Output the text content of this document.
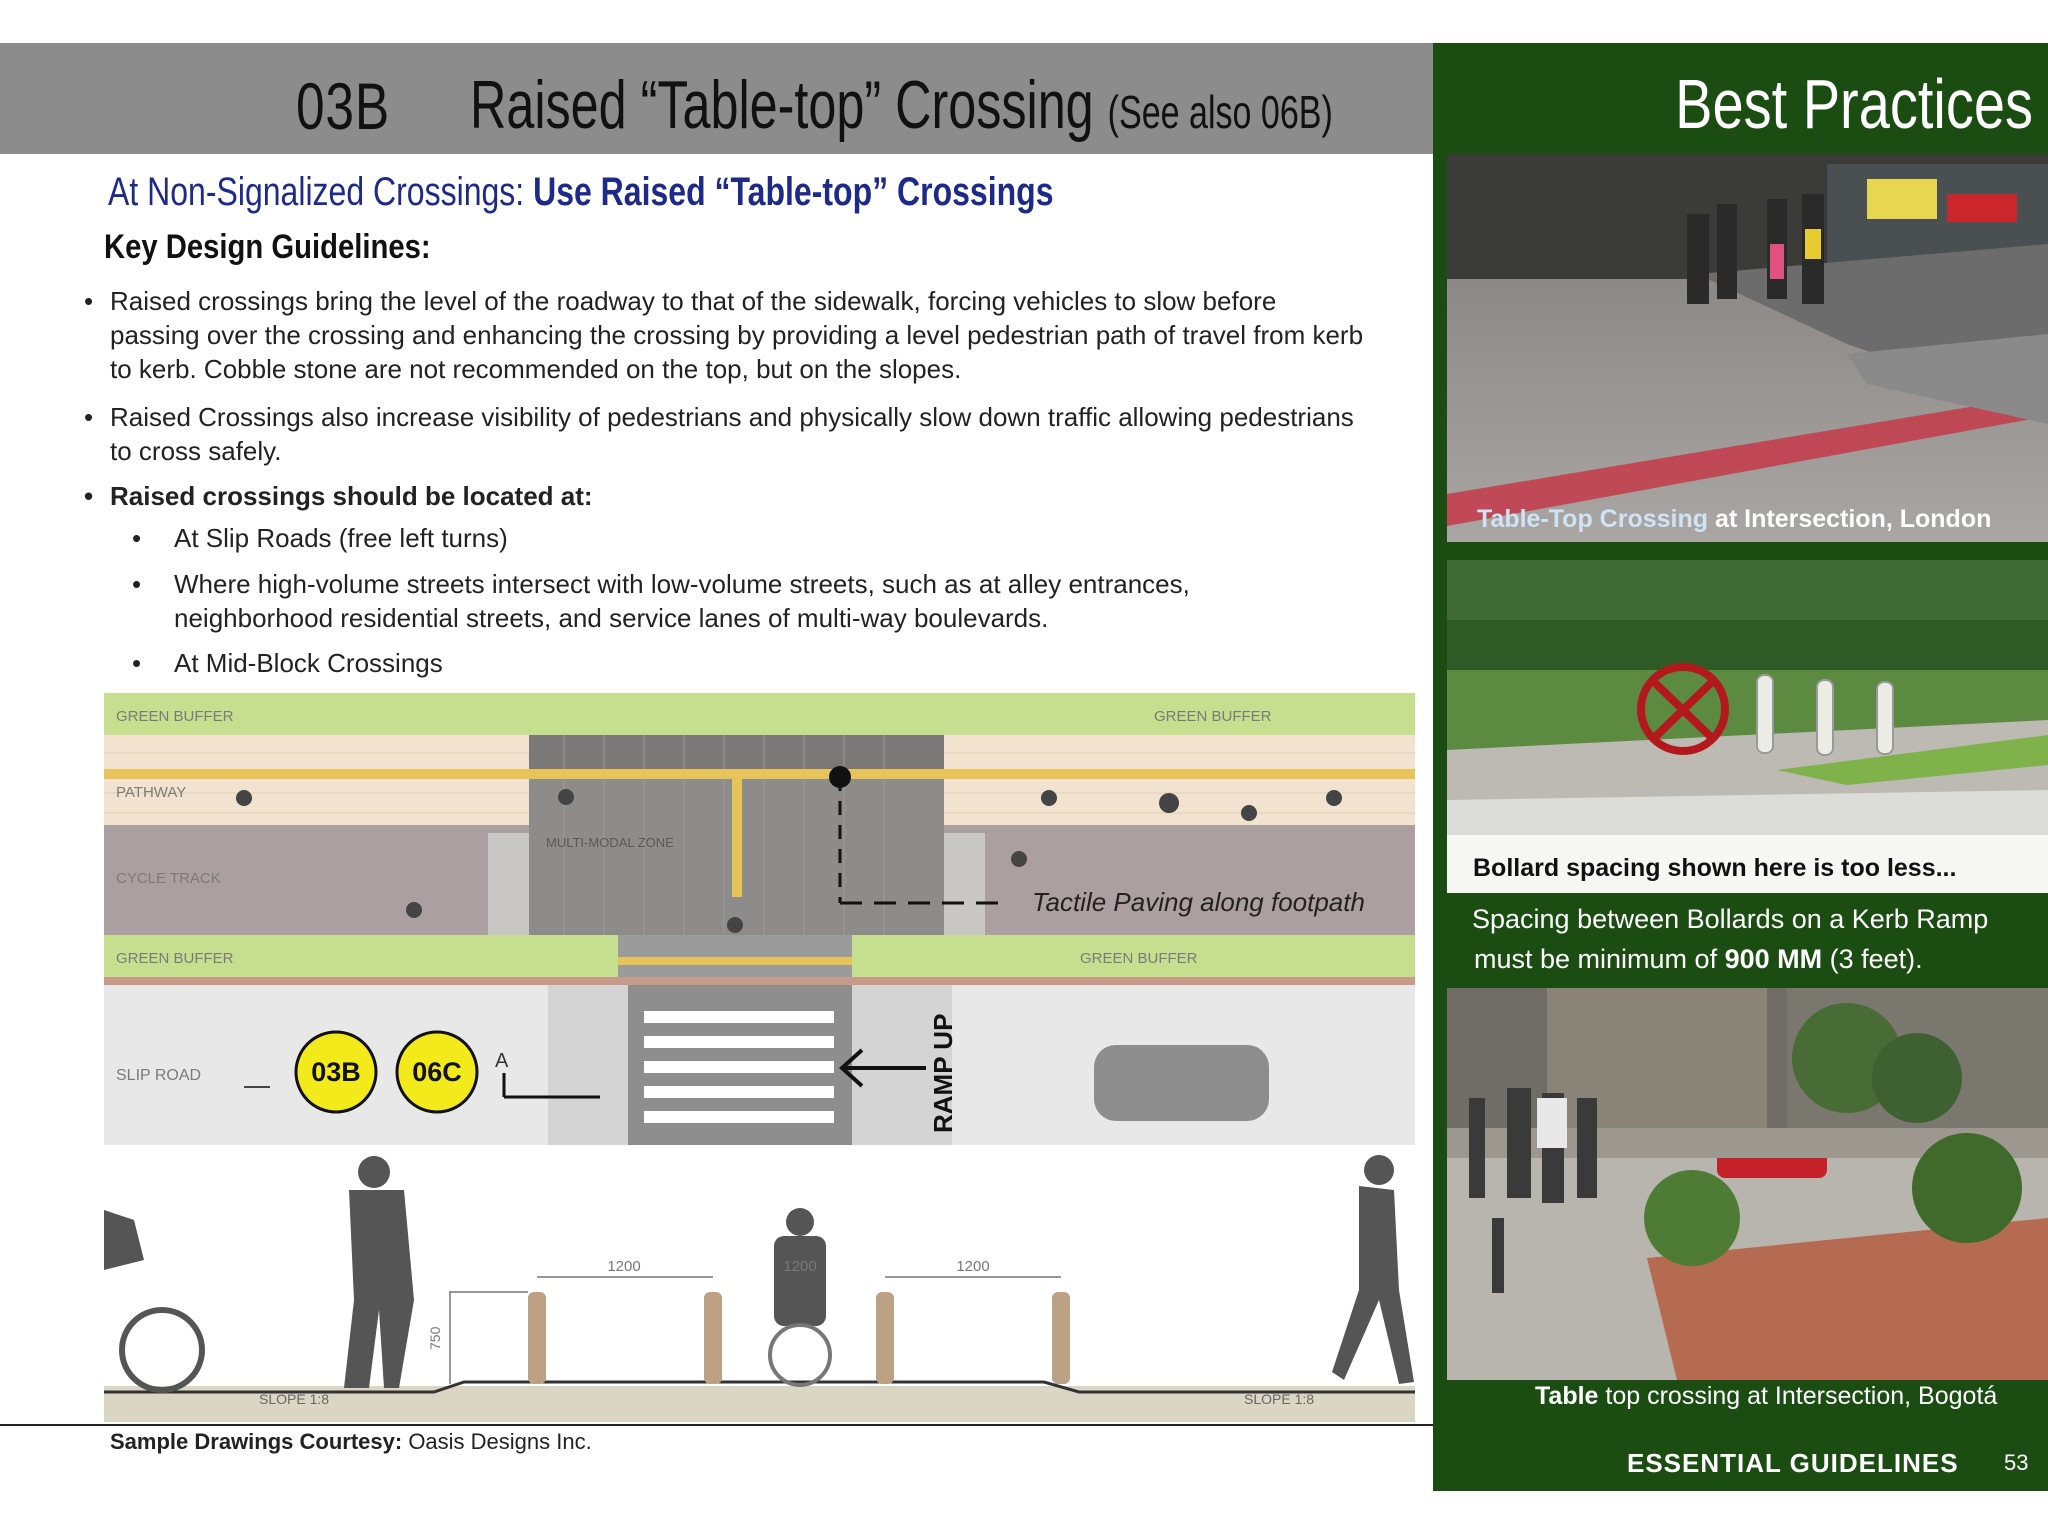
03B Raised “Table-top” Crossing (See also 06B)	Best Practices
Table-Top Crossing at Intersection, London
Bollard spacing shown here is too less...
Spacing between Bollards on a Kerb Ramp
must be minimum of 900 MM (3 feet).
Table top crossing at Intersection, Bogotá
ESSENTIAL GUIDELINES 53
At Non-Signalized Crossings: Use Raised “Table-top” Crossings
Key Design Guidelines:
• Raised crossings bring the level of the roadway to that of the sidewalk, forcing vehicles to slow before passing over the crossing and enhancing the crossing by providing a level pedestrian path of travel from kerb to kerb. Cobble stone are not recommended on the top, but on the slopes.
• Raised Crossings also increase visibility of pedestrians and physically slow down traffic allowing pedestrians to cross safely.
• Raised crossings should be located at:
• At Slip Roads (free left turns)
• Where high-volume streets intersect with low-volume streets, such as at alley entrances, neighborhood residential streets, and service lanes of multi-way boulevards.
• At Mid-Block Crossings
GREEN BUFFER	GREEN BUFFER
PATHWAY
CYCLE TRACK
MULTI-MODAL ZONE
GREEN BUFFER	GREEN BUFFER
SLIP ROAD
Tactile Paving along footpath
03B 06C A	RAMP UP
1200	1200	1200
750
SLOPE 1:8	SLOPE 1:8
Sample Drawings Courtesy: Oasis Designs Inc.
